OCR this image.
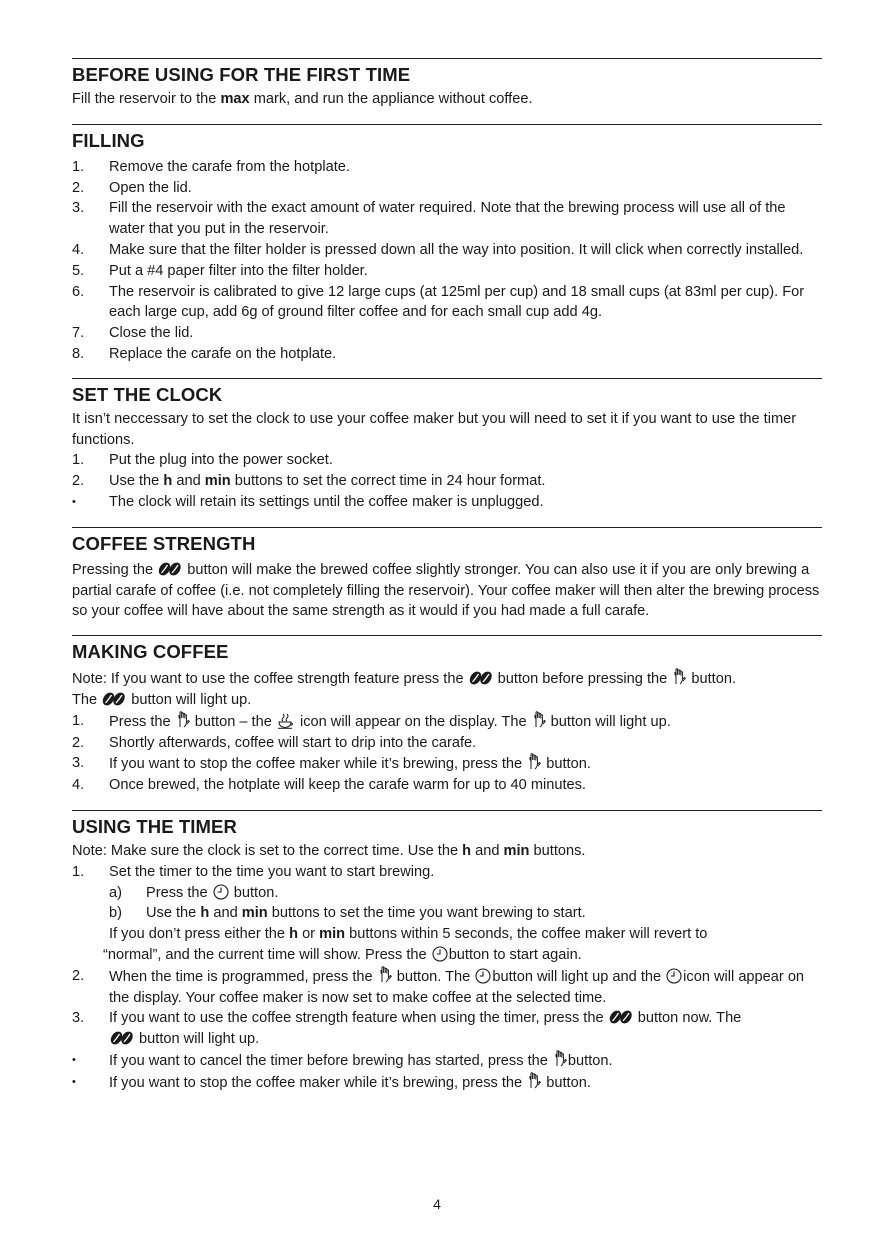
BEFORE USING FOR THE FIRST TIME

Fill the reservoir to the max mark, and run the appliance without coffee.

FILLING
1.	Remove the carafe from the hotplate.
2.	Open the lid.
3.	Fill the reservoir with the exact amount of water required. Note that the brewing process will use all of the water that you put in the reservoir.
4.	Make sure that the filter holder is pressed down all the way into position. It will click when correctly installed.
5.	Put a #4 paper filter into the filter holder.
6.	The reservoir is calibrated to give 12 large cups (at 125ml per cup) and 18 small cups (at 83ml per cup). For each large cup, add 6g of ground filter coffee and for each small cup add 4g.
7.	Close the lid.
8.	Replace the carafe on the hotplate.
SET THE CLOCK

It isn’t neccessary to set the clock to use your coffee maker but you will need to set it if you want to use the timer functions.

1.	Put the plug into the power socket.
2.	Use the h and min buttons to set the correct time in 24 hour format.
•	The clock will retain its settings until the coffee maker is unplugged.
COFFEE STRENGTH

Pressing the  button will make the brewed coffee slightly stronger. You can also use it if you are only brewing a partial carafe of coffee (i.e. not completely filling the reservoir). Your coffee maker will then alter the brewing process so your coffee will have about the same strength as it would if you had made a full carafe.

MAKING COFFEE

Note: If you want to use the coffee strength feature press the  button before pressing the  button.
The  button will light up.

1.	Press the  button – the  icon will appear on the display. The  button will light up.
2.	Shortly afterwards, coffee will start to drip into the carafe.
3.	If you want to stop the coffee maker while it’s brewing, press the  button.
4.	Once brewed, the hotplate will keep the carafe warm for up to 40 minutes.
USING THE TIMER

Note: Make sure the clock is set to the correct time. Use the h and min buttons.

1.	Set the timer to the time you want to start brewing.
a)	Press the  button.
b)	Use the h and min buttons to set the time you want brewing to start.
If you don’t press either the h or min buttons within 5 seconds, the coffee maker will revert to
“normal”, and the current time will show. Press the button to start again.
2.	When the time is programmed, press the  button. The button will light up and the icon will appear on the display. Your coffee maker is now set to make coffee at the selected time.
3.	If you want to use the coffee strength feature when using the timer, press the  button now. The
button will light up.
•	If you want to cancel the timer before brewing has started, press the button.
•	If you want to stop the coffee maker while it’s brewing, press the  button.
4
